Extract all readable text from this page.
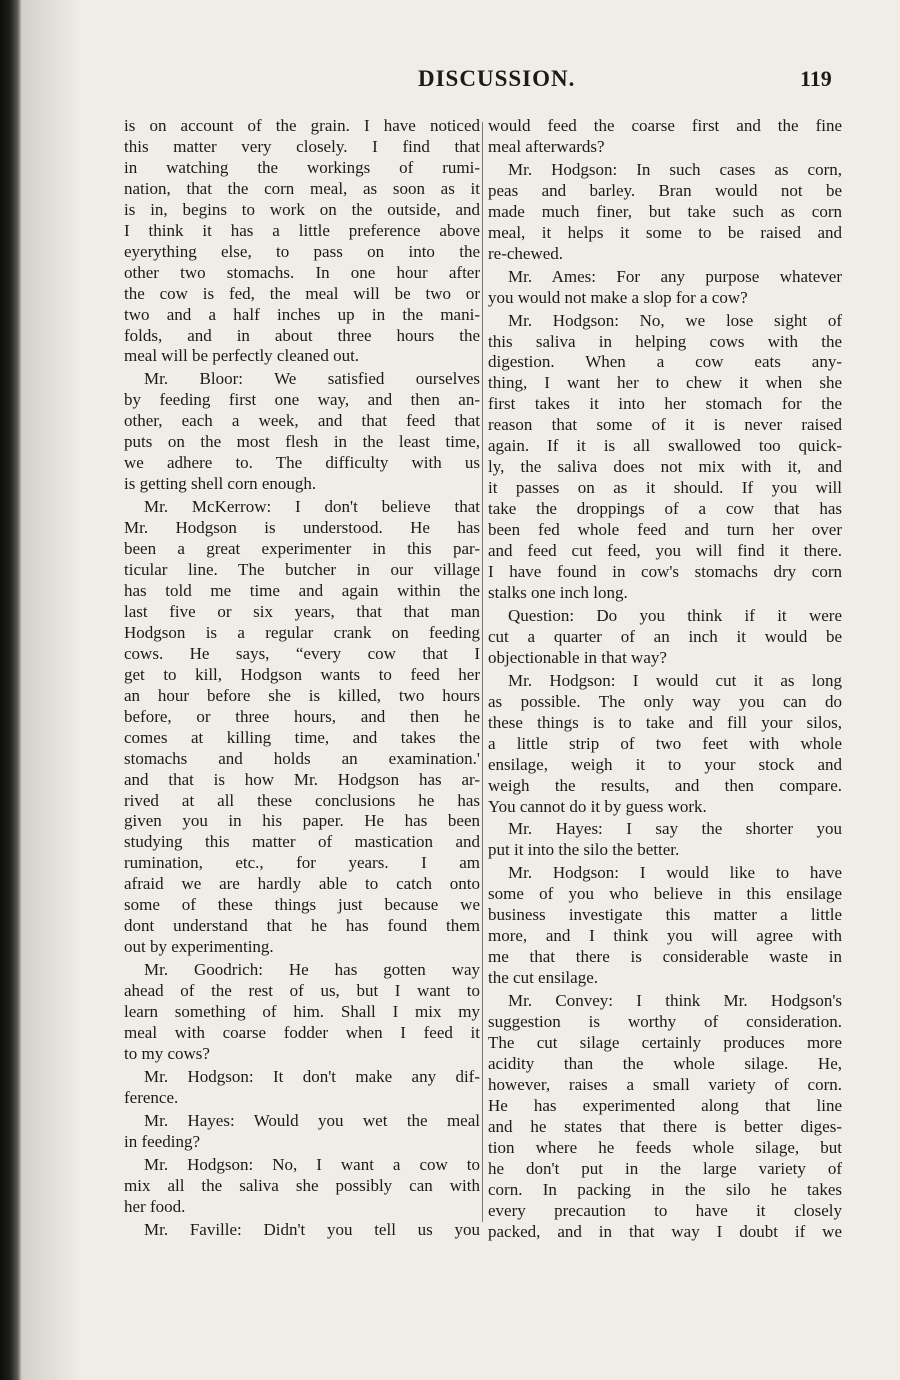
DISCUSSION.	119
is on account of the grain. I have noticed
this matter very closely. I find that
in watching the workings of rumi-
nation, that the corn meal, as soon as it
is in, begins to work on the outside, and
I think it has a little preference above
eyerything else, to pass on into the
other two stomachs. In one hour after
the cow is fed, the meal will be two or
two and a half inches up in the mani-
folds, and in about three hours the
meal will be perfectly cleaned out.
Mr. Bloor: We satisfied ourselves
by feeding first one way, and then an-
other, each a week, and that feed that
puts on the most flesh in the least time,
we adhere to. The difficulty with us
is getting shell corn enough.
Mr. McKerrow: I don't believe that
Mr. Hodgson is understood. He has
been a great experimenter in this par-
ticular line. The butcher in our village
has told me time and again within the
last five or six years, that that man
Hodgson is a regular crank on feeding
cows. He says, “every cow that I
get to kill, Hodgson wants to feed her
an hour before she is killed, two hours
before, or three hours, and then he
comes at killing time, and takes the
stomachs and holds an examination.'
and that is how Mr. Hodgson has ar-
rived at all these conclusions he has
given you in his paper. He has been
studying this matter of mastication and
rumination, etc., for years. I am
afraid we are hardly able to catch onto
some of these things just because we
dont understand that he has found them
out by experimenting.
Mr. Goodrich: He has gotten way
ahead of the rest of us, but I want to
learn something of him. Shall I mix my
meal with coarse fodder when I feed it
to my cows?
Mr. Hodgson: It don't make any dif-
ference.
Mr. Hayes: Would you wet the meal
in feeding?
Mr. Hodgson: No, I want a cow to
mix all the saliva she possibly can with
her food.
Mr. Faville: Didn't you tell us you
would feed the coarse first and the fine
meal afterwards?
Mr. Hodgson: In such cases as corn,
peas and barley. Bran would not be
made much finer, but take such as corn
meal, it helps it some to be raised and
re-chewed.
Mr. Ames: For any purpose whatever
you would not make a slop for a cow?
Mr. Hodgson: No, we lose sight of
this saliva in helping cows with the
digestion. When a cow eats any-
thing, I want her to chew it when she
first takes it into her stomach for the
reason that some of it is never raised
again. If it is all swallowed too quick-
ly, the saliva does not mix with it, and
it passes on as it should. If you will
take the droppings of a cow that has
been fed whole feed and turn her over
and feed cut feed, you will find it there.
I have found in cow's stomachs dry corn
stalks one inch long.
Question: Do you think if it were
cut a quarter of an inch it would be
objectionable in that way?
Mr. Hodgson: I would cut it as long
as possible. The only way you can do
these things is to take and fill your silos,
a little strip of two feet with whole
ensilage, weigh it to your stock and
weigh the results, and then compare.
You cannot do it by guess work.
Mr. Hayes: I say the shorter you
put it into the silo the better.
Mr. Hodgson: I would like to have
some of you who believe in this ensilage
business investigate this matter a little
more, and I think you will agree with
me that there is considerable waste in
the cut ensilage.
Mr. Convey: I think Mr. Hodgson's
suggestion is worthy of consideration.
The cut silage certainly produces more
acidity than the whole silage. He,
however, raises a small variety of corn.
He has experimented along that line
and he states that there is better diges-
tion where he feeds whole silage, but
he don't put in the large variety of
corn. In packing in the silo he takes
every precaution to have it closely
packed, and in that way I doubt if we
